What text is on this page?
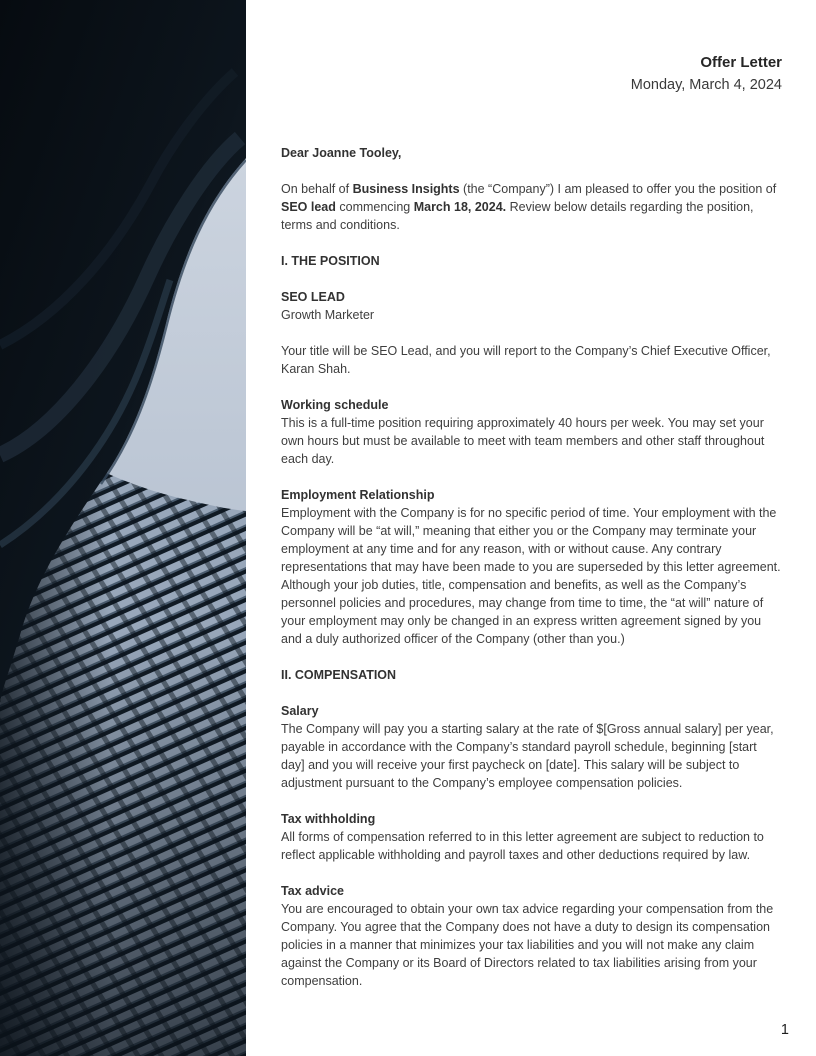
Offer Letter
Monday, March 4, 2024
Dear Joanne Tooley,

On behalf of Business Insights (the “Company”) I am pleased to offer you the position of SEO lead commencing March 18, 2024. Review below details regarding the position, terms and conditions.

I. THE POSITION
SEO LEAD

Growth Marketer

Your title will be SEO Lead, and you will report to the Company’s Chief Executive Officer, Karan Shah.

Working schedule

This is a full-time position requiring approximately 40 hours per week. You may set your own hours but must be available to meet with team members and other staff throughout each day.

Employment Relationship

Employment with the Company is for no specific period of time. Your employment with the Company will be “at will,” meaning that either you or the Company may terminate your employment at any time and for any reason, with or without cause. Any contrary representations that may have been made to you are superseded by this letter agreement. Although your job duties, title, compensation and benefits, as well as the Company’s personnel policies and procedures, may change from time to time, the “at will” nature of your employment may only be changed in an express written agreement signed by you and a duly authorized officer of the Company (other than you.)

II. COMPENSATION
Salary

The Company will pay you a starting salary at the rate of $[Gross annual salary] per year, payable in accordance with the Company’s standard payroll schedule, beginning [start day] and you will receive your first paycheck on [date]. This salary will be subject to adjustment pursuant to the Company’s employee compensation policies.

Tax withholding

All forms of compensation referred to in this letter agreement are subject to reduction to reflect applicable withholding and payroll taxes and other deductions required by law.

Tax advice

You are encouraged to obtain your own tax advice regarding your compensation from the Company. You agree that the Company does not have a duty to design its compensation policies in a manner that minimizes your tax liabilities and you will not make any claim against the Company or its Board of Directors related to tax liabilities arising from your compensation.

1
